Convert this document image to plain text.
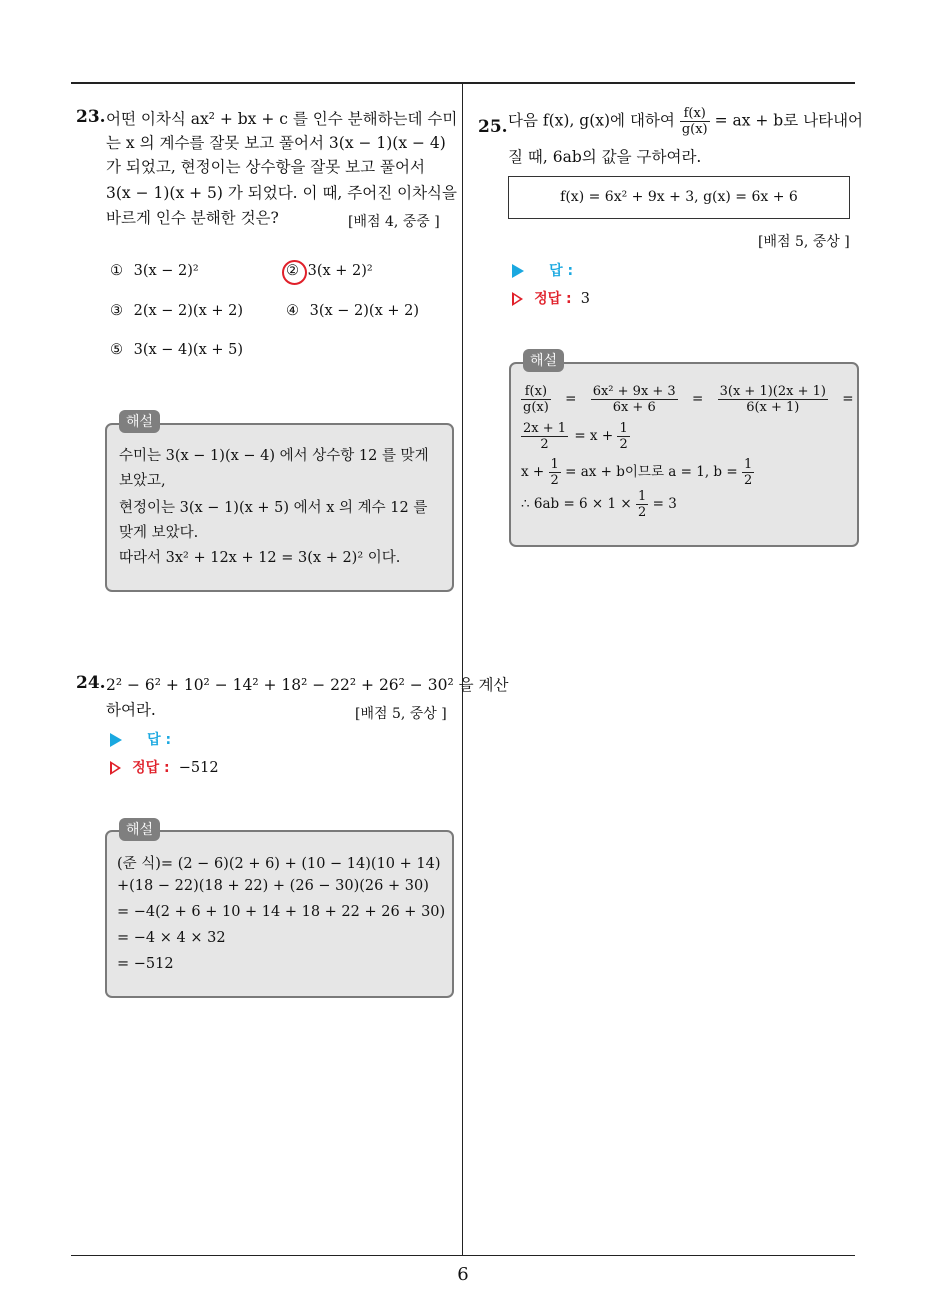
6
23. 어떤 이차식 ax² + bx + c 를 인수 분해하는데 수미
는 x 의 계수를 잘못 보고 풀어서 3(x − 1)(x − 4)
가 되었고, 현정이는 상수항을 잘못 보고 풀어서
3(x − 1)(x + 5) 가 되었다. 이 때, 주어진 이차식을
바르게 인수 분해한 것은?	[배점 4, 중중 ]
① 3(x − 2)²	② 3(x + 2)²
③ 2(x − 2)(x + 2)	④ 3(x − 2)(x + 2)
⑤ 3(x − 4)(x + 5)
해설
수미는 3(x − 1)(x − 4) 에서 상수항 12 를 맞게
보았고,
현정이는 3(x − 1)(x + 5) 에서 x 의 계수 12 를
맞게 보았다.
따라서 3x² + 12x + 12 = 3(x + 2)² 이다.
24. 2² − 6² + 10² − 14² + 18² − 22² + 26² − 30² 을 계산
하여라.	[배점 5, 중상 ]
답 :
정답 : −512
해설
(준 식)= (2 − 6)(2 + 6) + (10 − 14)(10 + 14)
+(18 − 22)(18 + 22) + (26 − 30)(26 + 30)
= −4(2 + 6 + 10 + 14 + 18 + 22 + 26 + 30)
= −4 × 4 × 32
= −512
25. 다음 f(x), g(x)에 대하여 $\frac{f(x)}{g(x)}$ = ax + b로 나타내어
질 때, 6ab의 값을 구하여라.
f(x) = 6x² + 9x + 3, g(x) = 6x + 6
[배점 5, 중상 ]
답 :
정답 : 3
해설
$\frac{f(x)}{g(x)} = \frac{\text{6x² + 9x + 3}}{6x + 6} = \frac{3(x + 1)(2x + 1)}{6(x + 1)}$ =
$\frac{2x + 1}{2} = x + \frac{1}{2}$
$x + \frac{1}{2}$ = ax + b이므로 a = 1, $b = \frac{1}{2}$
∴ $6ab = 6 \times 1 \times \frac{1}{2} = 3$
